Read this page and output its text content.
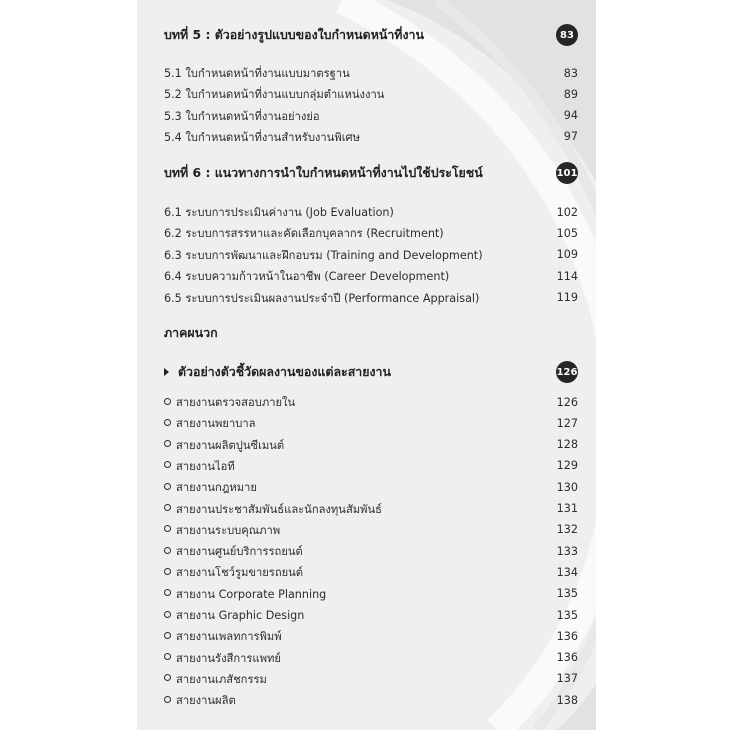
บทที่ 5 : ตัวอย่างรูปแบบของใบกำหนดหน้าที่งาน	83
5.1 ใบกำหนดหน้าที่งานแบบมาตรฐาน	83
5.2 ใบกำหนดหน้าที่งานแบบกลุ่มตำแหน่งงาน	89
5.3 ใบกำหนดหน้าที่งานอย่างย่อ	94
5.4 ใบกำหนดหน้าที่งานสำหรับงานพิเศษ	97
บทที่ 6 : แนวทางการนำใบกำหนดหน้าที่งานไปใช้ประโยชน์	101
6.1 ระบบการประเมินค่างาน (Job Evaluation)	102
6.2 ระบบการสรรหาและคัดเลือกบุคลากร (Recruitment)	105
6.3 ระบบการพัฒนาและฝึกอบรม (Training and Development)	109
6.4 ระบบความก้าวหน้าในอาชีพ (Career Development)	114
6.5 ระบบการประเมินผลงานประจำปี (Performance Appraisal)	119
ภาคผนวก
ตัวอย่างตัวชี้วัดผลงานของแต่ละสายงาน	126
สายงานตรวจสอบภายใน	126
สายงานพยาบาล	127
สายงานผลิตปูนซีเมนต์	128
สายงานไอที	129
สายงานกฎหมาย	130
สายงานประชาสัมพันธ์และนักลงทุนสัมพันธ์	131
สายงานระบบคุณภาพ	132
สายงานศูนย์บริการรถยนต์	133
สายงานโชว์รูมขายรถยนต์	134
สายงาน Corporate Planning	135
สายงาน Graphic Design	135
สายงานเพลทการพิมพ์	136
สายงานรังสีการแพทย์	136
สายงานเภสัชกรรม	137
สายงานผลิต	138
